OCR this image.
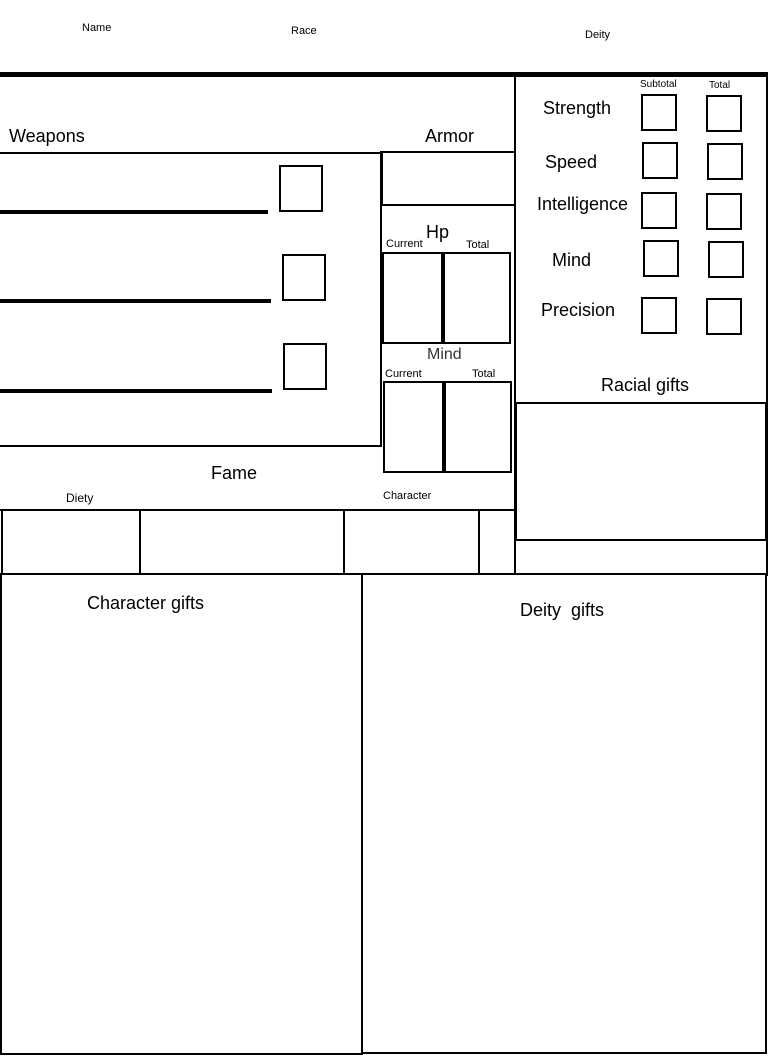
Name	Race	Deity
Weapons	Armor
Hp
Current	Total
Mind
Current	Total
Subtotal	Total
Strength
Speed
Intelligence
Mind
Precision
Racial gifts
Fame
Diety	Character
Character gifts	Deity  gifts
